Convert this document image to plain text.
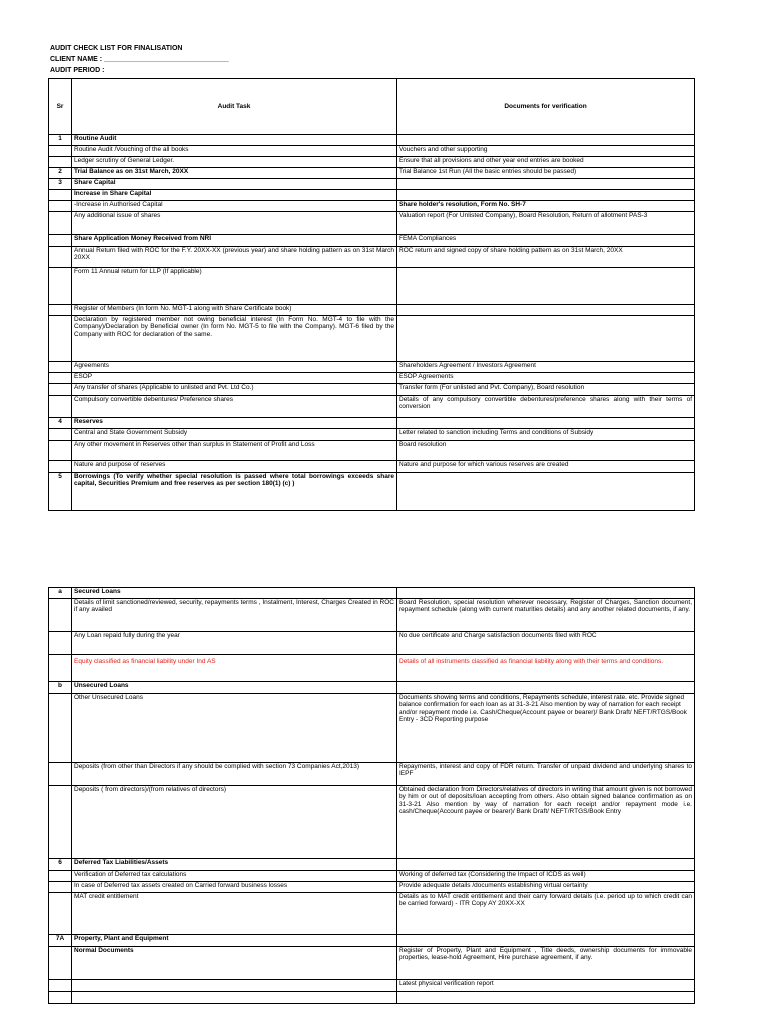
AUDIT CHECK LIST FOR FINALISATION
CLIENT NAME : ________________________________
AUDIT PERIOD :
Sr	Audit Task	Documents for verification
1	Routine Audit	
	Routine Audit /Vouching of the all books	Vouchers and other supporting
	Ledger scrutiny of General Ledger.	Ensure that all provisions and other year end entries are booked
2	Trial Balance as on 31st March, 20XX	Trial Balance 1st Run (All the basic entries should be passed)
3	Share Capital	
	Increase in Share Capital	
	-Increase in Authorised Capital	Share holder's resolution, Form No. SH-7
	Any additional issue of shares	Valuation report (For Unlisted Company), Board Resolution, Return of allotment PAS-3
	Share Application Money Received from NRI	FEMA Compliances
	Annual Return filed with ROC for the F.Y. 20XX-XX (previous year) and share holding pattern as on 31st March 20XX	ROC return and signed copy of share holding pattern as on 31st March, 20XX
	Form 11 Annual return for LLP (If applicable)	
	Register of Members (In form No. MGT-1 along with Share Certificate book)	
	Declaration by registered member not owing beneficial interest (In Form No. MGT-4 to file with the Company)/Declaration by Beneficial owner (In form No. MGT-5 to file with the Company). MGT-6 filed by the Company with ROC for declaration of the same.	
	Agreements	Shareholders Agreement / Investors Agreement
	ESOP	ESOP Agreements
	Any transfer of shares (Applicable to unlisted and Pvt. Ltd Co.)	Transfer form (For unlisted and Pvt. Company), Board resolution
	Compulsory convertible debentures/ Preference shares	Details of any compulsory convertible debentures/preference shares along with their terms of conversion
4	Reserves	
	Central and State Government Subsidy	Letter related to sanction including Terms and conditions of Subsidy
	Any other movement in Reserves other than surplus in Statement of Profit and Loss	Board resolution
	Nature and purpose of reserves	Nature and purpose for which various reserves are created
5	Borrowings (To verify whether special resolution is passed where total borrowings exceeds share capital, Securities Premium and free reserves as per section 180(1) (c) )	
a	Secured Loans	
	Details of limit sanctioned/reviewed, security, repayments terms , Instalment, Interest, Charges Created in ROC if any availed	Board Resolution, special resolution wherever necessary, Register of Charges, Sanction document, repayment schedule (along with current maturities details) and any another related documents, if any.
	Any Loan repaid fully during the year	No due certificate and Charge satisfaction documents filed with ROC
	Equity classified as financial liability under Ind AS	Details of all instruments classified as financial liability along with their terms and conditions.
b	Unsecured Loans	
	Other Unsecured Loans	Documents showing terms and conditions, Repayments schedule, interest rate. etc. Provide signed balance confirmation for each loan as at 31-3-21 Also mention by way of narration for each receipt and/or repayment mode i.e. Cash/Cheque(Account payee or bearer)/ Bank Draft/ NEFT/RTGS/Book Entry - 3CD Reporting purpose
	Deposits (from other than Directors if any should be complied with section 73 Companies Act,2013)	Repayments, interest and copy of FDR return. Transfer of unpaid dividend and underlying shares to IEPF
	Deposits ( from directors)/(from relatives of directors)	Obtained declaration from Directors/relatives of directors in writing that amount given is not borrowed by him or out of deposits/loan accepting from others. Also obtain signed balance confirmation as on 31-3-21 Also mention by way of narration for each receipt and/or repayment mode i.e. cash/Cheque(Account payee or bearer)/ Bank Draft/ NEFT/RTGS/Book Entry
6	Deferred Tax Liabilities/Assets	
	Verification of Deferred tax calculations	Working of deferred tax (Considering the Impact of ICDS as well)
	In case of Deferred tax assets created on Carried forward business losses	Provide adequate details /documents establishing virtual certainty
	MAT credit entitlement	Details as to MAT credit entitlement and their carry forward details (i.e. period up to which credit can be carried forward) - ITR Copy AY 20XX-XX
7A	Property, Plant and Equipment	
	Normal Documents	Register of Property, Plant and Equipment , Title deeds, ownership documents for immovable properties, lease-hold Agreement, Hire purchase agreement, if any.
		Latest physical verification report
